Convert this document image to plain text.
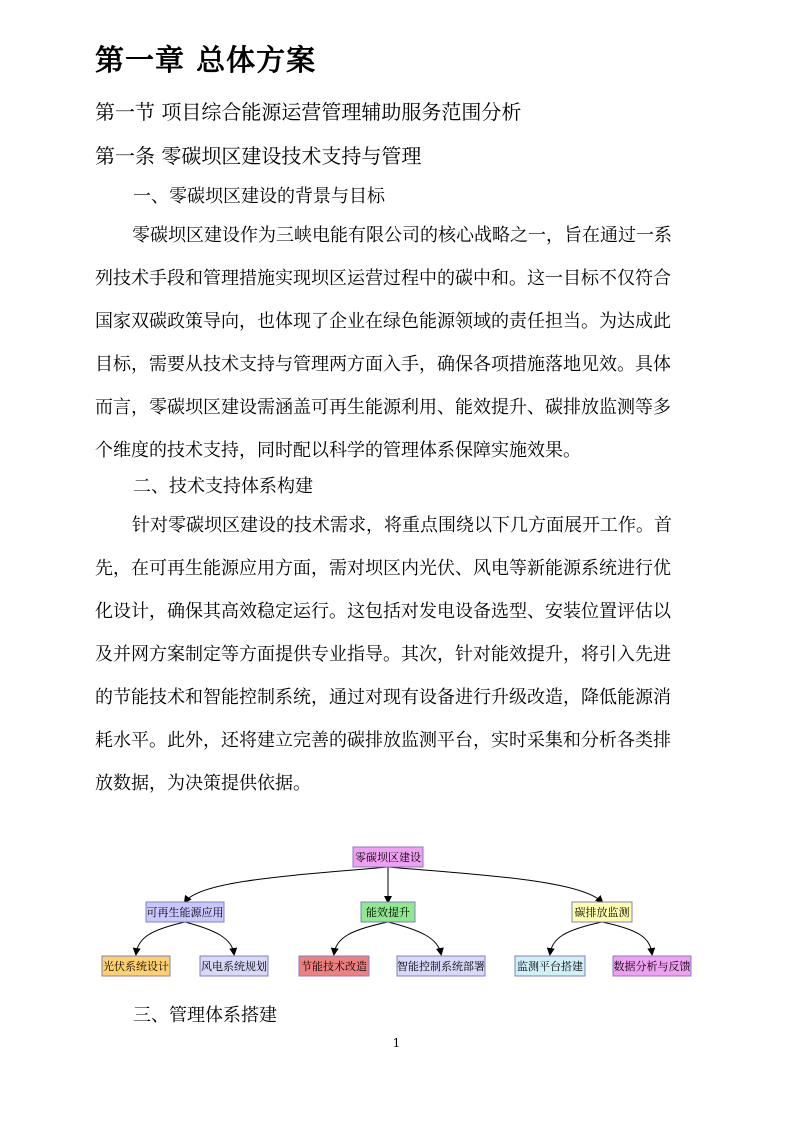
第一章 总体方案
第一节 项目综合能源运营管理辅助服务范围分析
第一条 零碳坝区建设技术支持与管理
一、零碳坝区建设的背景与目标
零碳坝区建设作为三峡电能有限公司的核心战略之一，旨在通过一系
列技术手段和管理措施实现坝区运营过程中的碳中和。这一目标不仅符合
国家双碳政策导向，也体现了企业在绿色能源领域的责任担当。为达成此
目标，需要从技术支持与管理两方面入手，确保各项措施落地见效。具体
而言，零碳坝区建设需涵盖可再生能源利用、能效提升、碳排放监测等多
个维度的技术支持，同时配以科学的管理体系保障实施效果。
二、技术支持体系构建
针对零碳坝区建设的技术需求，将重点围绕以下几方面展开工作。首
先，在可再生能源应用方面，需对坝区内光伏、风电等新能源系统进行优
化设计，确保其高效稳定运行。这包括对发电设备选型、安装位置评估以
及并网方案制定等方面提供专业指导。其次，针对能效提升，将引入先进
的节能技术和智能控制系统，通过对现有设备进行升级改造，降低能源消
耗水平。此外，还将建立完善的碳排放监测平台，实时采集和分析各类排
放数据，为决策提供依据。
零碳坝区建设
可再生能源应用	能效提升	碳排放监测
光伏系统设计	风电系统规划	节能技术改造	智能控制系统部署	监测平台搭建	数据分析与反馈
三、管理体系搭建
1
